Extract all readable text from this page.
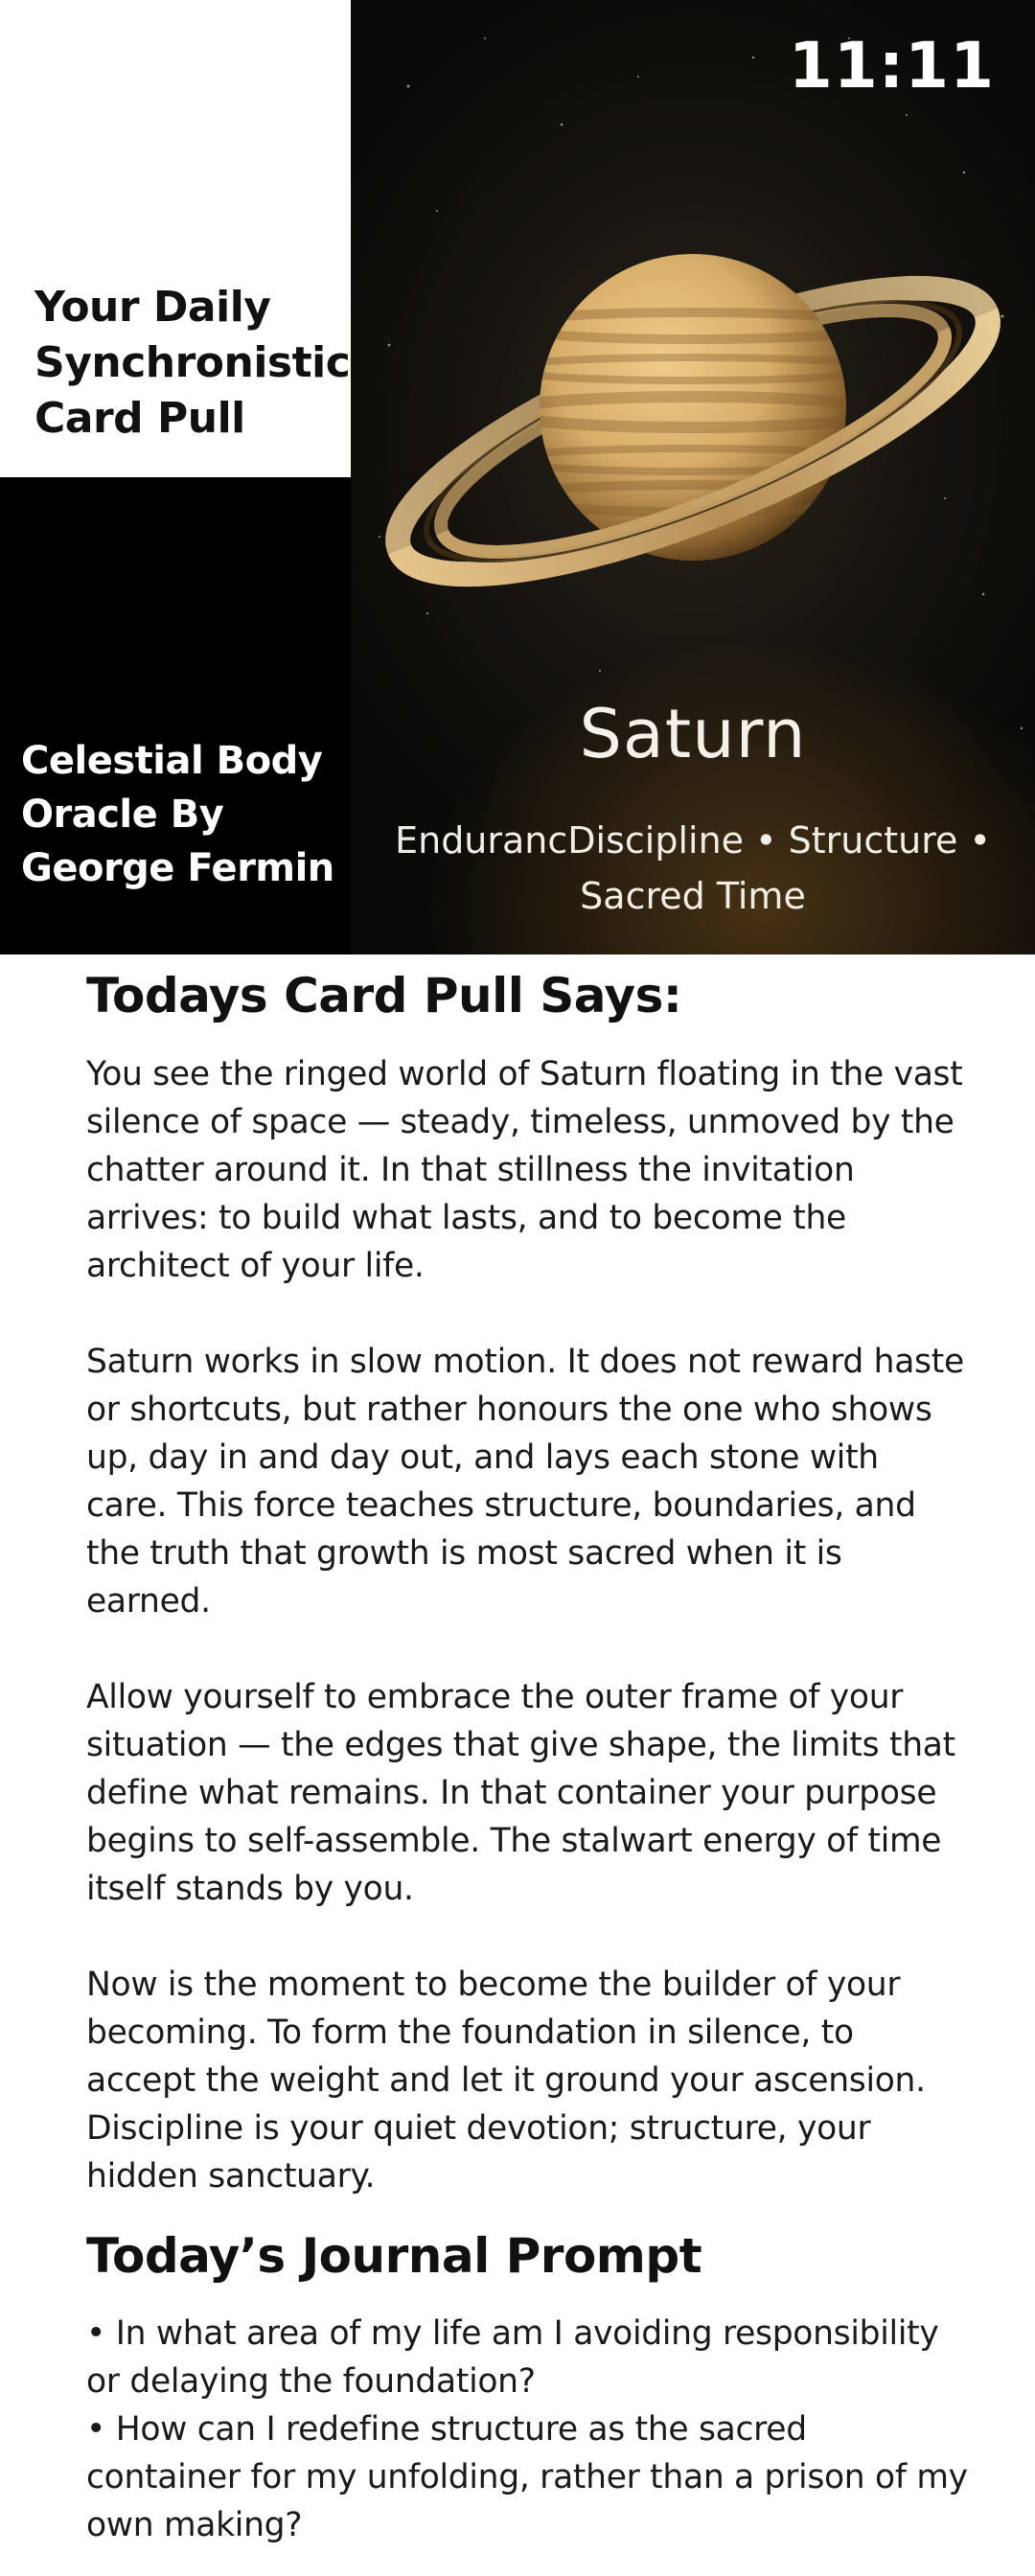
Your Daily Synchronistic Card Pull
Celestial Body Oracle By George Fermin
11:11
Saturn
EndurancDiscipline • Structure • Sacred Time
Todays Card Pull Says:

You see the ringed world of Saturn floating in the vast silence of space — steady, timeless, unmoved by the chatter around it. In that stillness the invitation arrives: to build what lasts, and to become the architect of your life.

Saturn works in slow motion. It does not reward haste or shortcuts, but rather honours the one who shows up, day in and day out, and lays each stone with care. This force teaches structure, boundaries, and the truth that growth is most sacred when it is earned.

Allow yourself to embrace the outer frame of your situation — the edges that give shape, the limits that define what remains. In that container your purpose begins to self-assemble. The stalwart energy of time itself stands by you.

Now is the moment to become the builder of your becoming. To form the foundation in silence, to accept the weight and let it ground your ascension. Discipline is your quiet devotion; structure, your hidden sanctuary.

Today’s Journal Prompt

• In what area of my life am I avoiding responsibility or delaying the foundation?

• How can I redefine structure as the sacred container for my unfolding, rather than a prison of my own making?
